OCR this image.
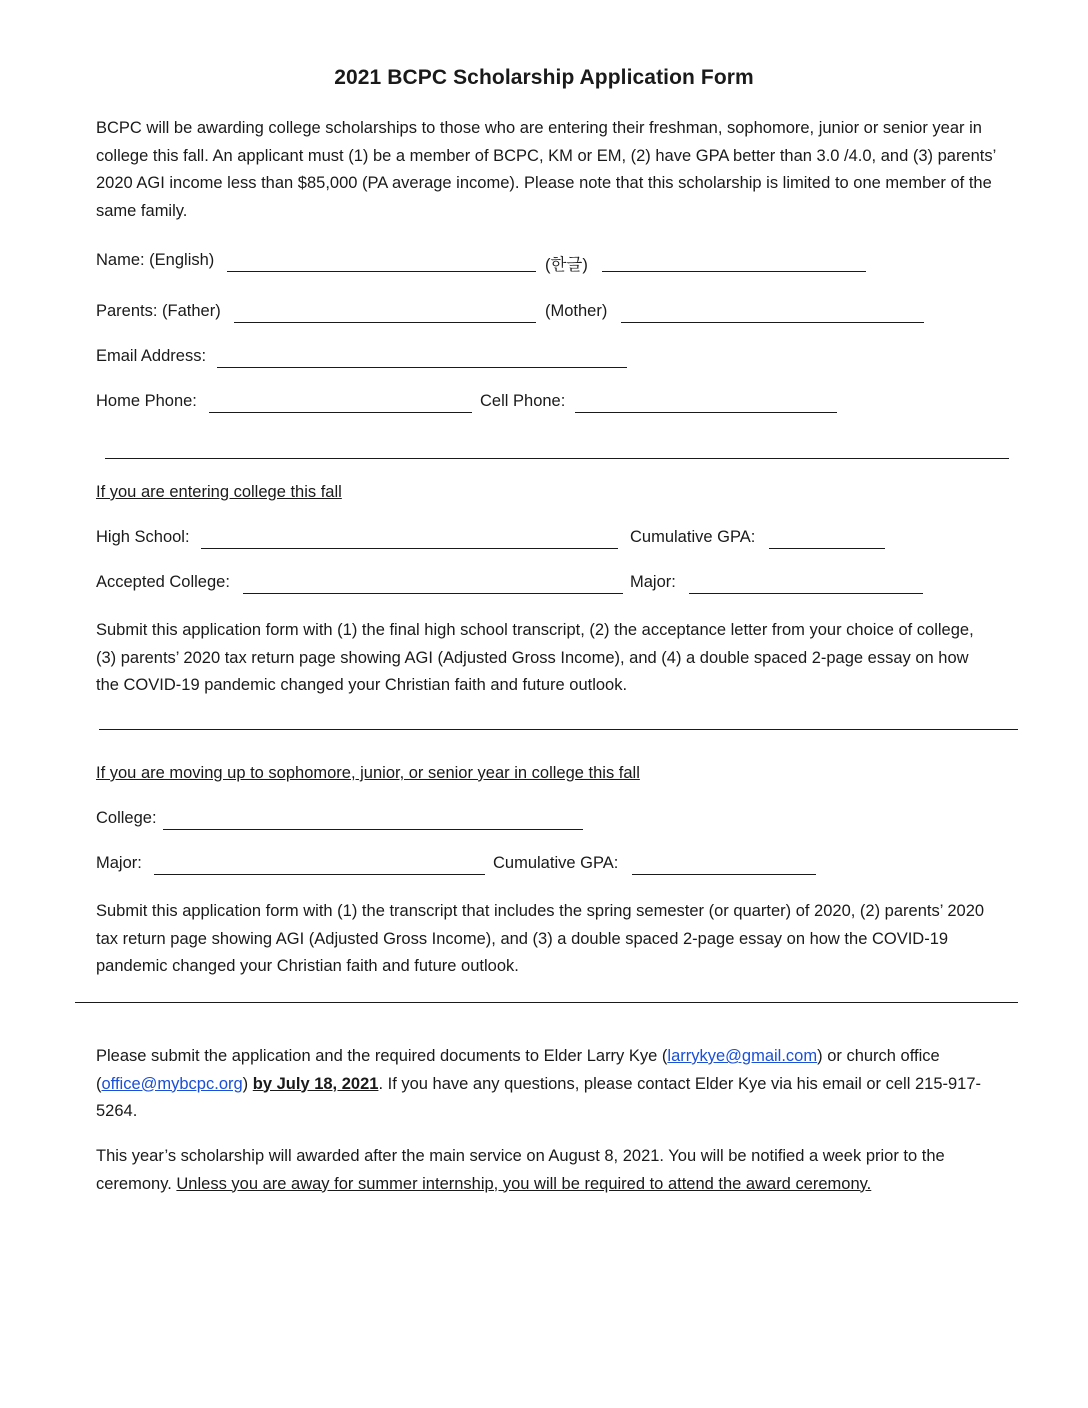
2021 BCPC Scholarship Application Form
BCPC will be awarding college scholarships to those who are entering their freshman, sophomore, junior or senior year in college this fall. An applicant must (1) be a member of BCPC, KM or EM, (2) have GPA better than 3.0 /4.0, and (3) parents’ 2020 AGI income less than $85,000 (PA average income). Please note that this scholarship is limited to one member of the same family.
Name: (English)	(한글)
Parents: (Father)	(Mother)
Email Address:
Home Phone:	Cell Phone:
If you are entering college this fall
High School:	Cumulative GPA:
Accepted College:	Major:
Submit this application form with (1) the final high school transcript, (2) the acceptance letter from your choice of college, (3) parents’ 2020 tax return page showing AGI (Adjusted Gross Income), and (4) a double spaced 2-page essay on how the COVID-19 pandemic changed your Christian faith and future outlook.
If you are moving up to sophomore, junior, or senior year in college this fall
College:
Major:	Cumulative GPA:
Submit this application form with (1) the transcript that includes the spring semester (or quarter) of 2020, (2) parents’ 2020 tax return page showing AGI (Adjusted Gross Income), and (3) a double spaced 2-page essay on how the COVID-19 pandemic changed your Christian faith and future outlook.
Please submit the application and the required documents to Elder Larry Kye (larrykye@gmail.com) or church office (office@mybcpc.org) by July 18, 2021. If you have any questions, please contact Elder Kye via his email or cell 215-917-5264.
This year’s scholarship will awarded after the main service on August 8, 2021. You will be notified a week prior to the ceremony. Unless you are away for summer internship, you will be required to attend the award ceremony.
